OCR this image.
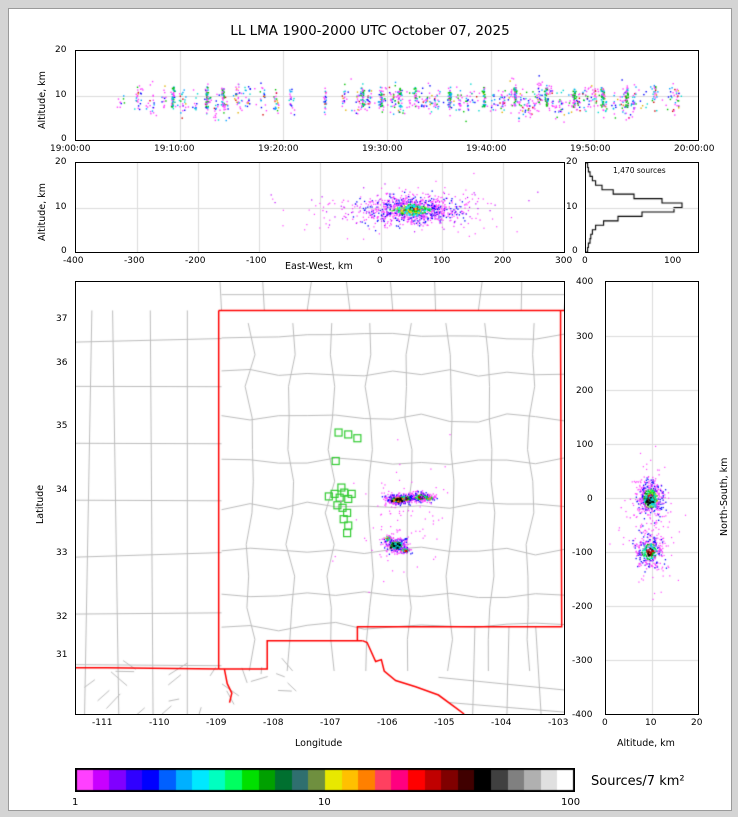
LL LMA 1900-2000 UTC October 07, 2025
Altitude, km
0
10
20
19:00:00	19:10:00	19:20:00	19:30:00	19:40:00	19:50:00	20:00:00
Altitude, km
0
10
20
-400	-300	-200	-100	0	100	200	300
East-West, km
1,470 sources
0
10
20
0	100
Latitude
31
32
33
34
35
36
37
-111	-110	-109	-108	-107	-106	-105	-104	-103
Longitude
North-South, km
-400
-300
-200
-100
0
100
200
300
400
0	10	20
Altitude, km
Sources/7 km²
1	10	100
